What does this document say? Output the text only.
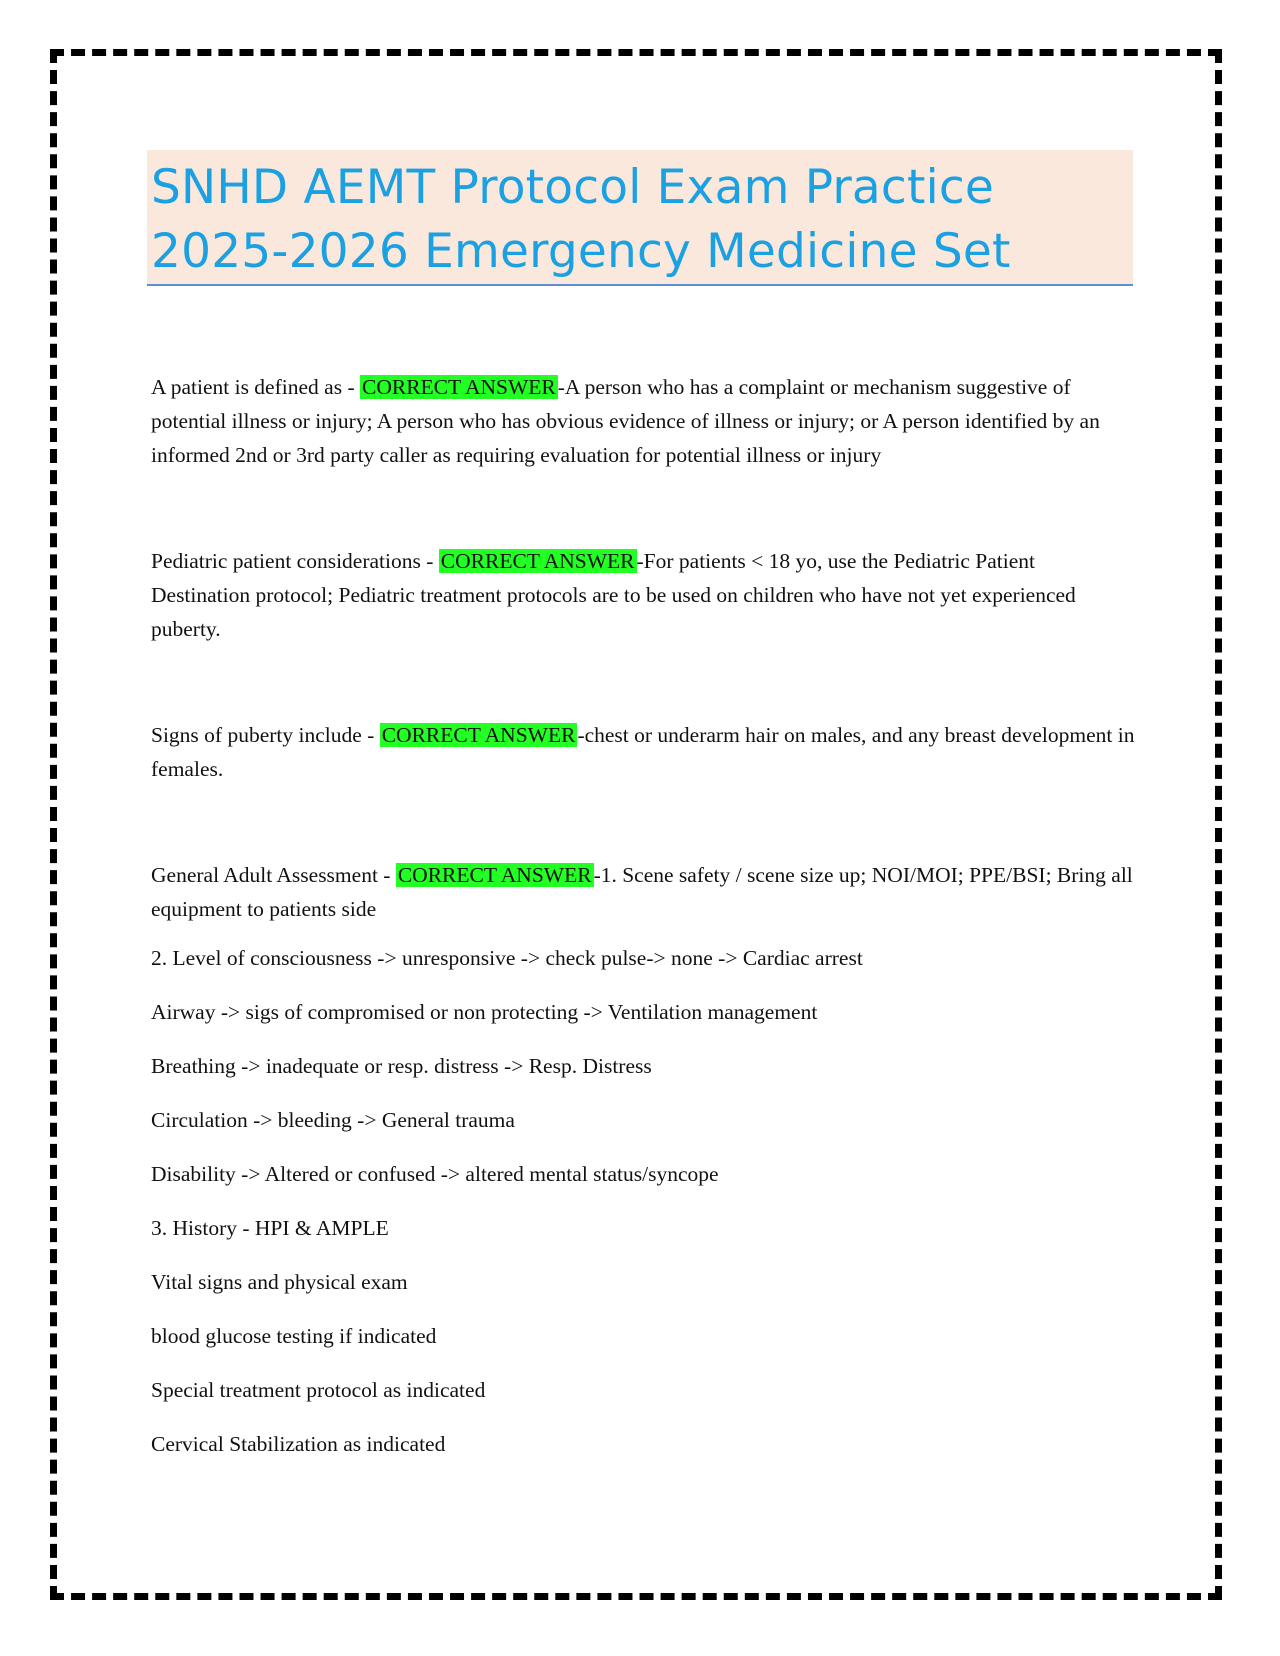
SNHD AEMT Protocol Exam Practice
2025-2026 Emergency Medicine Set

A patient is defined as - CORRECT ANSWER-A person who has a complaint or mechanism suggestive of potential illness or injury; A person who has obvious evidence of illness or injury; or A person identified by an informed 2nd or 3rd party caller as requiring evaluation for potential illness or injury

Pediatric patient considerations - CORRECT ANSWER-For patients < 18 yo, use the Pediatric Patient Destination protocol; Pediatric treatment protocols are to be used on children who have not yet experienced puberty.

Signs of puberty include - CORRECT ANSWER-chest or underarm hair on males, and any breast development in females.

General Adult Assessment - CORRECT ANSWER-1. Scene safety / scene size up; NOI/MOI; PPE/BSI; Bring all equipment to patients side

2. Level of consciousness -> unresponsive -> check pulse-> none -> Cardiac arrest

Airway -> sigs of compromised or non protecting -> Ventilation management

Breathing -> inadequate or resp. distress -> Resp. Distress

Circulation -> bleeding -> General trauma

Disability -> Altered or confused -> altered mental status/syncope

3. History - HPI & AMPLE

Vital signs and physical exam

blood glucose testing if indicated

Special treatment protocol as indicated

Cervical Stabilization as indicated
